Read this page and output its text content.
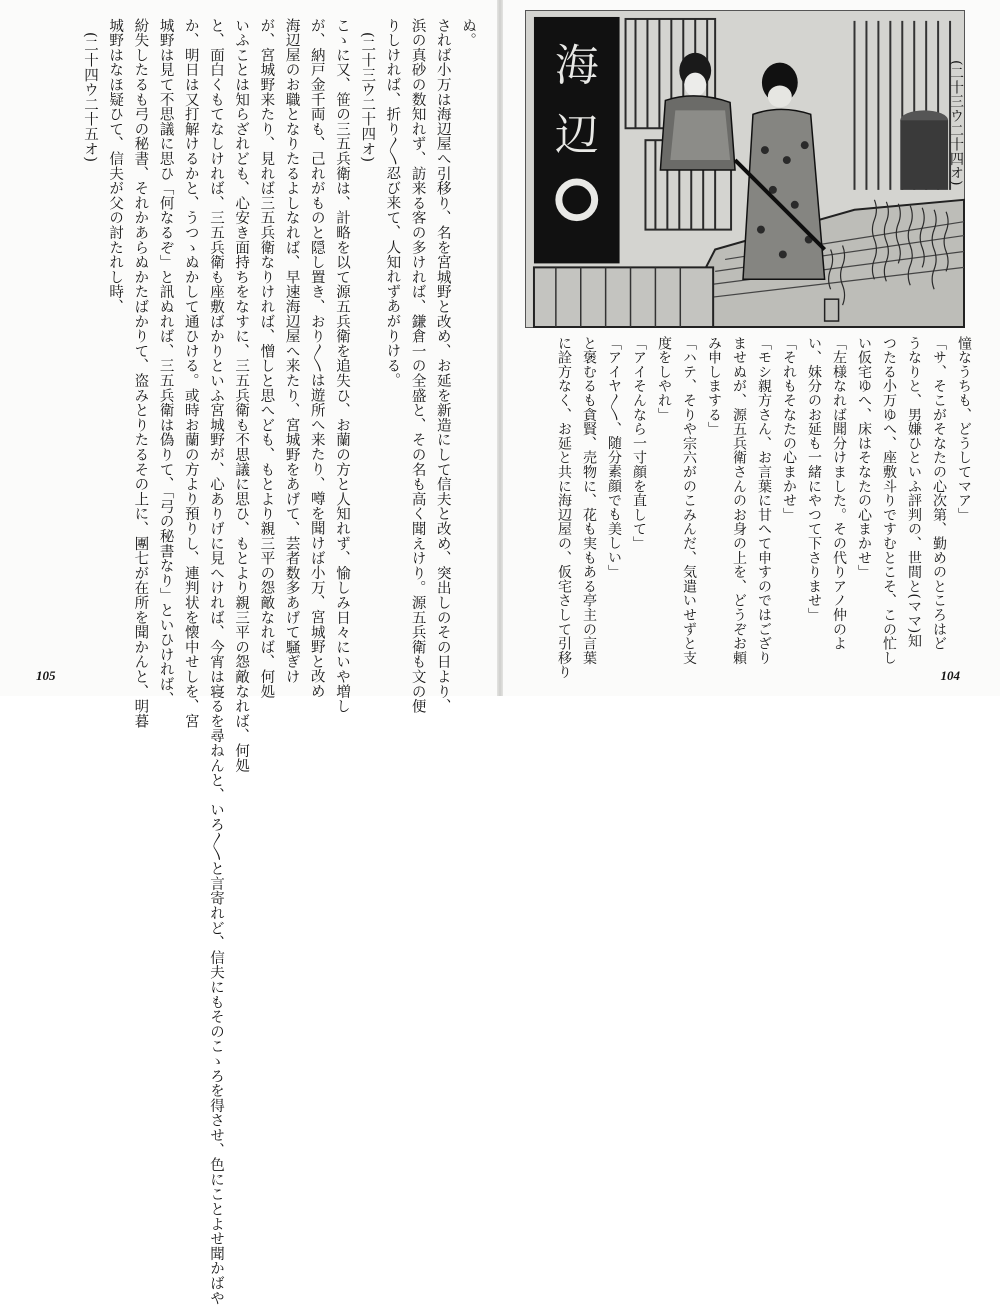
ぬ。
されば小万は海辺屋へ引移り、名を宮城野と改め、お延を新造にして信夫と改め、突出しのその日より、
浜の真砂の数知れず、訪来る客の多ければ、鎌倉一の全盛と、その名も高く聞えけり。源五兵衛も文の便
りしければ、折り〳〵忍び来て、人知れずあがりける。
(二十三ウ二十四オ)
こゝに又、笹の三五兵衛は、計略を以て源五兵衛を追失ひ、お蘭の方と人知れず、愉しみ日々にいや増し
が、納戸金千両も、己れがものと隠し置き、おり〳〵は遊所へ来たり、噂を聞けば小万、宮城野と改め
海辺屋のお職となりたるよしなれば、早速海辺屋へ来たり、宮城野をあげて、芸者数多あげて騒ぎけ
が、宮城野来たり、見れば三五兵衛なりければ、憎しと思へども、もとより親三平の怨敵なれば、何処
いふことは知らざれども、心安き面持ちをなすに、三五兵衛も不思議に思ひ、もとより親三平の怨敵なれば、何処
と、面白くもてなしければ、三五兵衛も座敷ばかりといふ宮城野が、心ありげに見へければ、今宵は寝るを尋ねんと、いろ〳〵と言寄れど、信夫にもそのこゝろを得させ、色にことよせ聞かばや
か、明日は又打解けるかと、うつゝぬかして通ひける。或時お蘭の方より預りし、連判状を懐中せしを、宮
城野は見て不思議に思ひ「何なるぞ」と訊ぬれば、三五兵衛は偽りて、「弓の秘書なり」といひければ、
紛失したるも弓の秘書、それかあらぬかたばかりて、盗みとりたるその上に、團七が在所を聞かんと、明暮
城野はなほ疑ひて、信夫が父の討たれし時、
(二十四ウ二十五オ)
105
海
辺	(二十三ウ二十四オ)
憧なうちも、どうしてマア」
「サ、そこがそなたの心次第、勤めのところはど
うなりと、男嫌ひといふ評判の、世間と(ママ)知
つたる小万ゆへ、座敷斗りですむとこそ、この忙し
い仮宅ゆへ、床はそなたの心まかせ」
「左様なれば聞分けました。その代りアノ仲のよ
い、妹分のお延も一緒にやつて下さりませ」
「それもそなたの心まかせ」
「モシ親方さん、お言葉に甘へて申すのではござり
ませぬが、源五兵衛さんのお身の上を、どうぞお頼
み申しまする」
「ハテ、そりや宗六がのこみんだ、気遣いせずと支
度をしやれ」
「アイそんなら一寸顔を直して」
「アイヤ〳〵、随分素顔でも美しい」
と褒むるも貪賢、売物に、花も実もある亭主の言葉
に詮方なく、お延と共に海辺屋の、仮宅さして引移り	104
